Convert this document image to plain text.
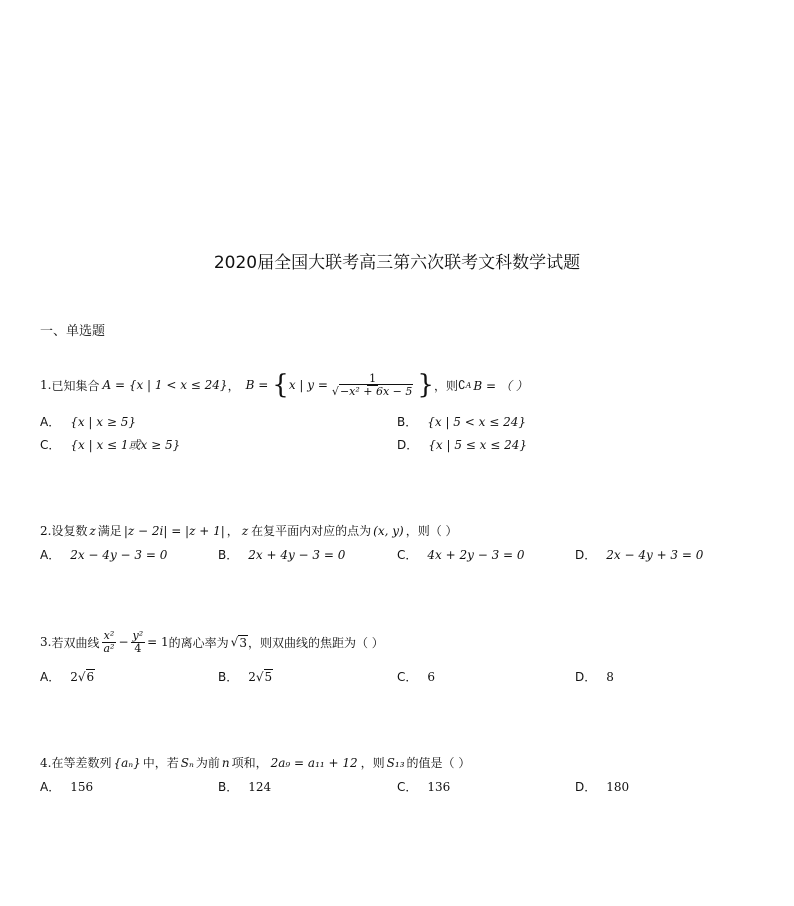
2020届全国大联考高三第六次联考文科数学试题
一、单选题
1. 已知集合 A = {x | 1 < x ≤ 24} ， B = { x | $y = \frac{1}{\text{√−x² + 6x − 5}}$ } ，则 ∁ A B = （ ）
A． {x | x ≥ 5}	B． {x | 5 < x ≤ 24}
C． {x | x ≤ 1或x ≥ 5}	D． {x | 5 ≤ x ≤ 24}
2. 设复数 z 满足 |z − 2i| = |z + 1| ， z 在复平面内对应的点为 (x, y) ，则（ ）
A． 2x − 4y − 3 = 0	B． 2x + 4y − 3 = 0	C． 4x + 2y − 3 = 0	D． 2x − 4y + 3 = 0
3. 若双曲线 $\frac{\text{x²}}{\text{a²}} - \frac{\text{y²}}{4} = 1$ 的离心率为 √ 3 ，则双曲线的焦距为（ ）
A． 2 √ 6	B． 2 √ 5	C． 6	D． 8
4. 在等差数列 {aₙ} 中，若 Sₙ 为前 n 项和， 2a₉ = a₁₁ + 12 ，则 S₁₃ 的值是（ ）
A． 156	B． 124	C． 136	D． 180
